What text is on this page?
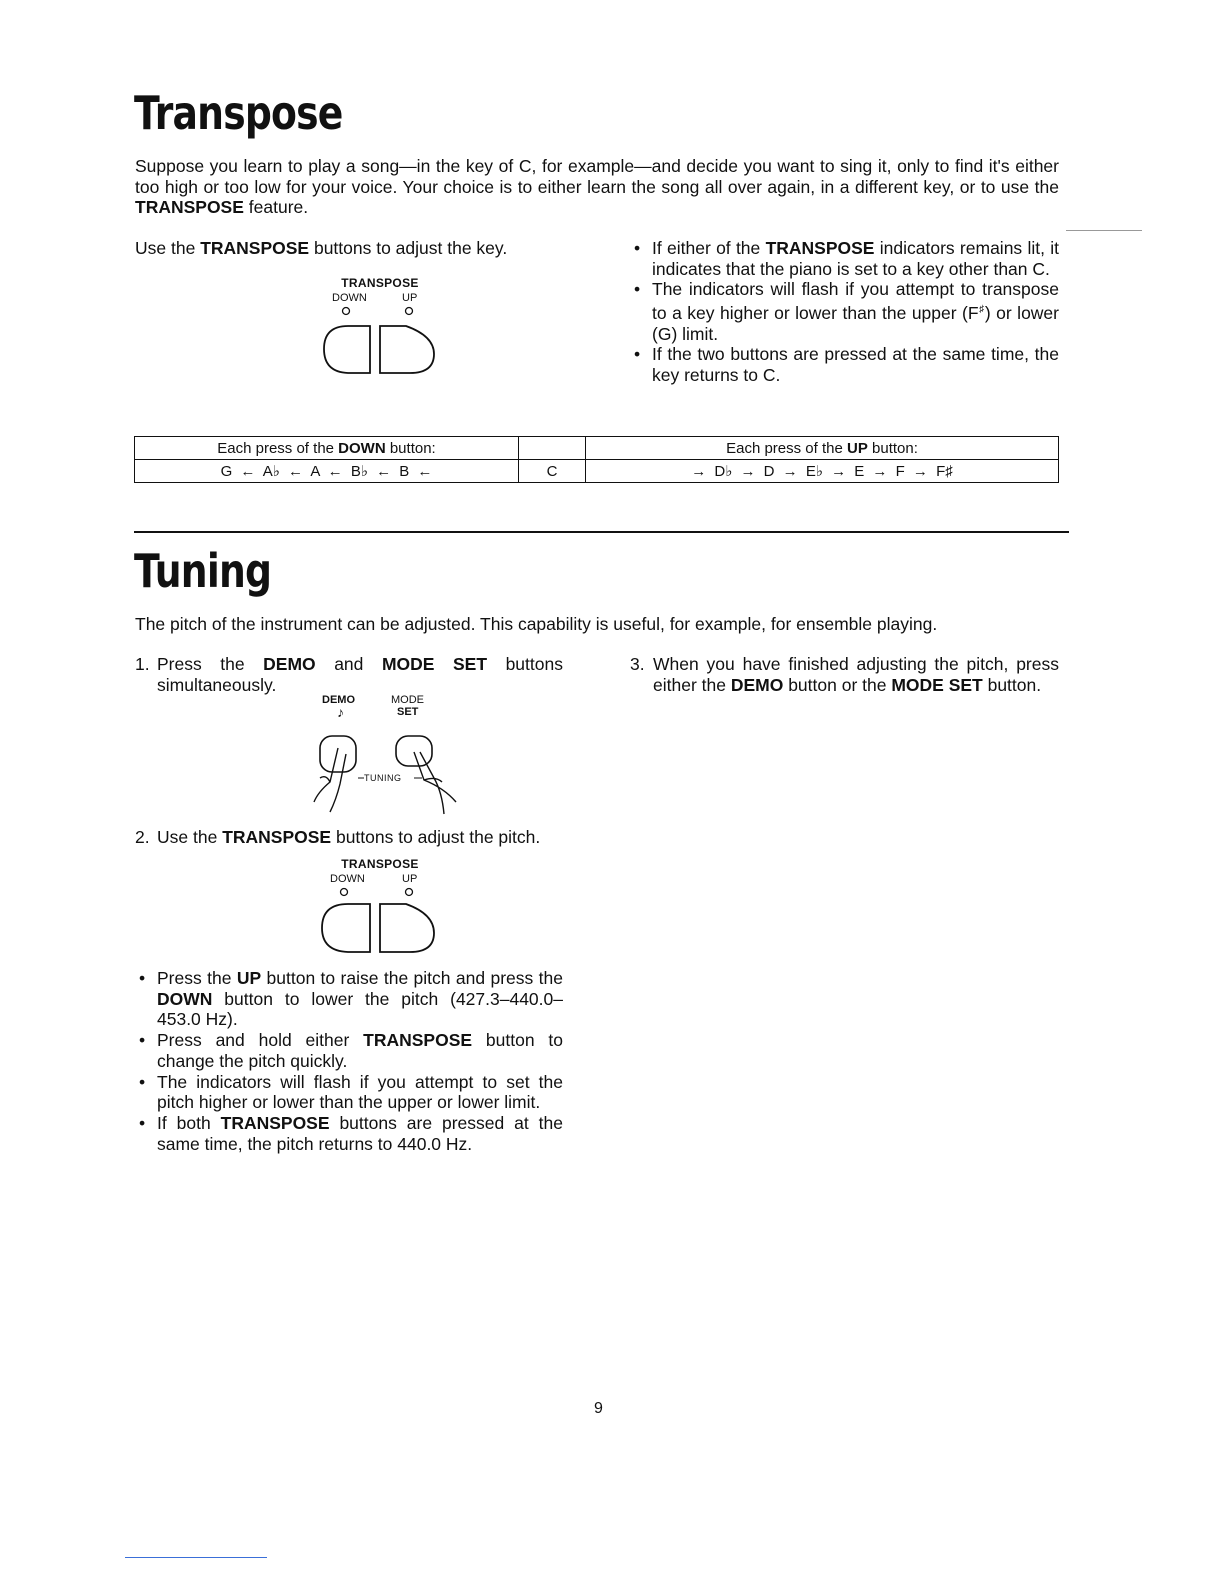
Transpose
Suppose you learn to play a song—in the key of C, for example—and decide you want to sing it, only to find it's either too high or too low for your voice. Your choice is to either learn the song all over again, in a different key, or to use the TRANSPOSE feature.
Use the TRANSPOSE buttons to adjust the key.
TRANSPOSE
DOWN	UP
• If either of the TRANSPOSE indicators remains lit, it indicates that the piano is set to a key other than C.
• The indicators will flash if you attempt to transpose to a key higher or lower than the upper (F♯) or lower (G) limit.
• If the two buttons are pressed at the same time, the key returns to C.
Each press of the DOWN button:		Each press of the UP button:
G ← A♭ ← A ← B♭ ← B ←	C	→ D♭ → D → E♭ → E → F → F♯
Tuning
The pitch of the instrument can be adjusted. This capability is useful, for example, for ensemble playing.
1. Press the DEMO and MODE SET buttons simultaneously.
DEMO	MODE
SET
♪
TUNING
2. Use the TRANSPOSE buttons to adjust the pitch.
TRANSPOSE
DOWN	UP
• Press the UP button to raise the pitch and press the DOWN button to lower the pitch (427.3–440.0–453.0 Hz).
• Press and hold either TRANSPOSE button to change the pitch quickly.
• The indicators will flash if you attempt to set the pitch higher or lower than the upper or lower limit.
• If both TRANSPOSE buttons are pressed at the same time, the pitch returns to 440.0 Hz.
3. When you have finished adjusting the pitch, press either the DEMO button or the MODE SET button.
9
